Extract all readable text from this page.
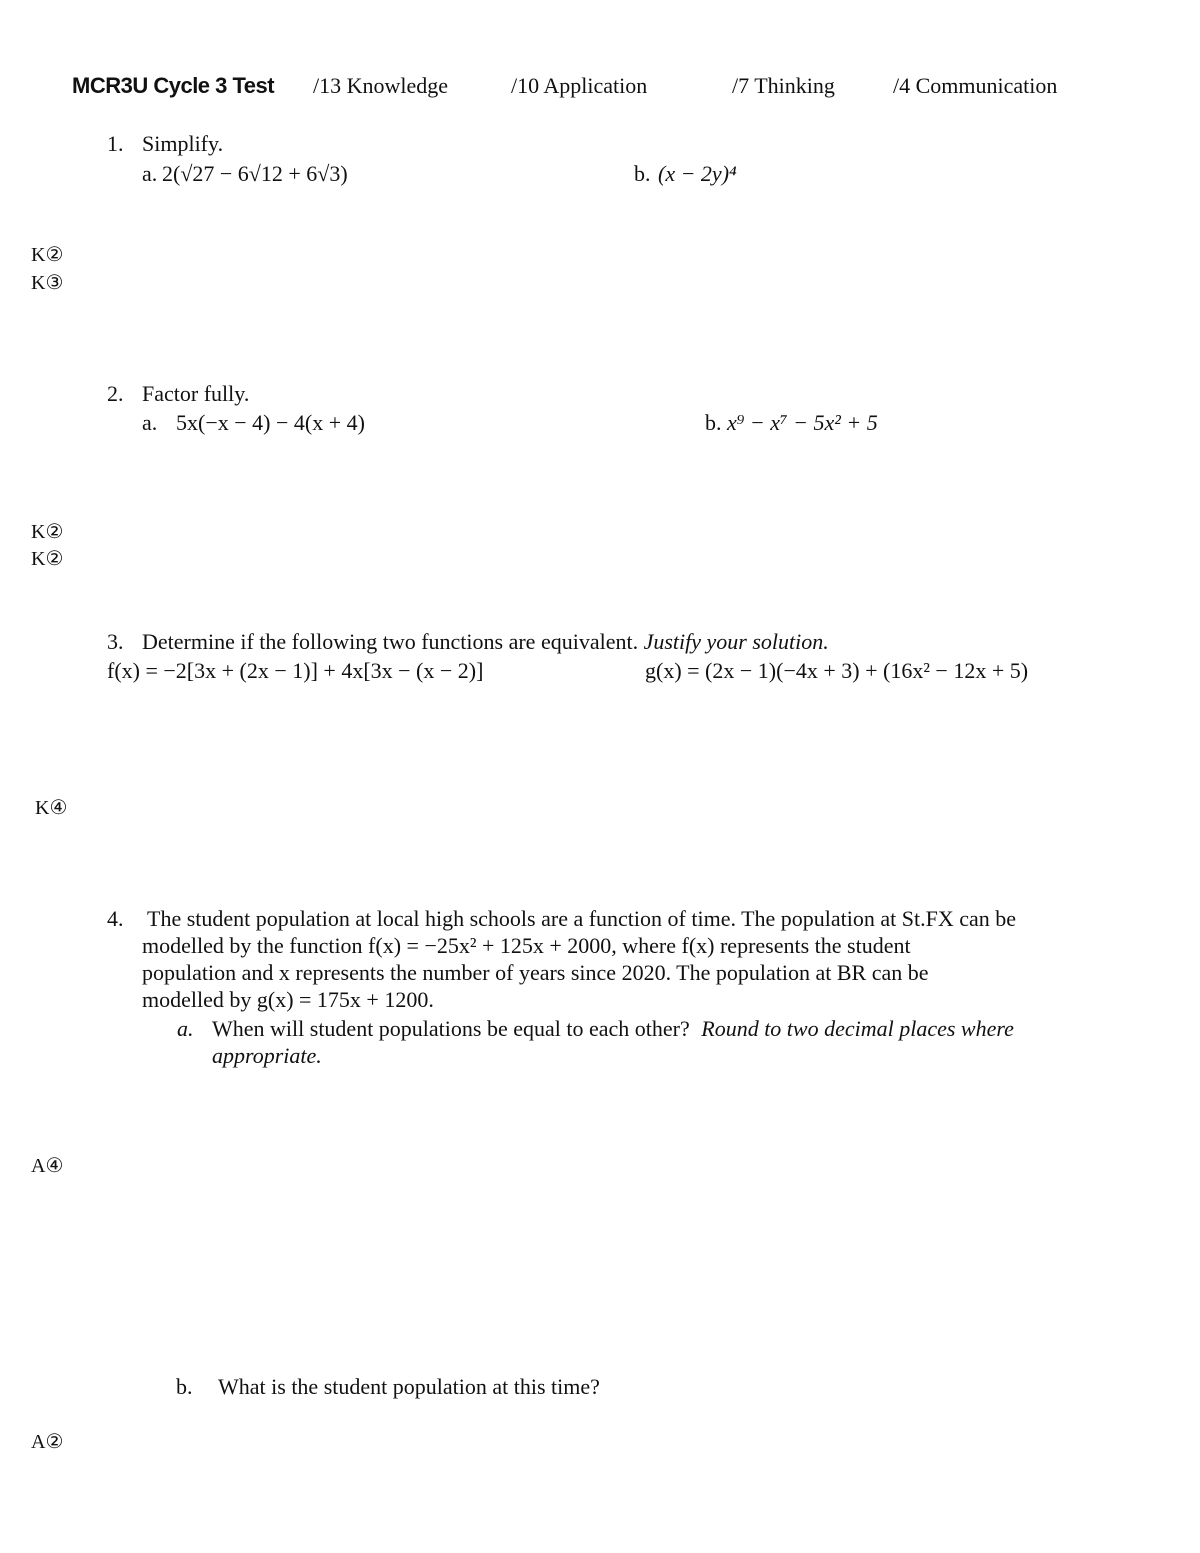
MCR3U Cycle 3 Test /13 Knowledge	/10 Application	/7 Thinking	/4 Communication
1. Simplify.
a. 2(√27 − 6√12 + 6√3)	b. (x − 2y)⁴
2. Factor fully.
a. 5x(−x − 4) − 4(x + 4)	b. x⁹ − x⁷ − 5x² + 5
3. Determine if the following two functions are equivalent. Justify your solution.
f(x) = −2[3x + (2x − 1)] + 4x[3x − (x − 2)]	g(x) = (2x − 1)(−4x + 3) + (16x² − 12x + 5)
4. The student population at local high schools are a function of time. The population at St.FX can be
modelled by the function f(x) = −25x² + 125x + 2000, where f(x) represents the student
population and x represents the number of years since 2020. The population at BR can be
modelled by g(x) = 175x + 1200.
a. When will student populations be equal to each other? Round to two decimal places where
appropriate.
b. What is the student population at this time?
K②
K③
K②
K②
K④
A④
A②
